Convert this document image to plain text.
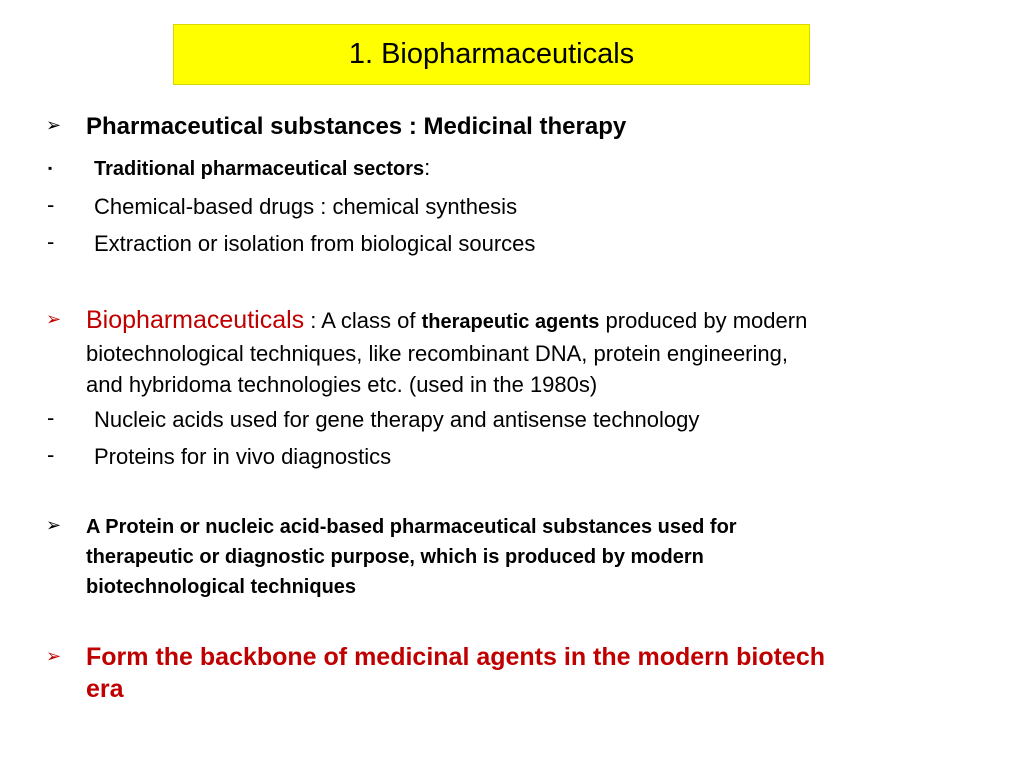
1. Biopharmaceuticals
➢ Pharmaceutical substances : Medicinal therapy
▪ Traditional pharmaceutical sectors:
- Chemical-based drugs : chemical synthesis
- Extraction or isolation from biological sources
➢ Biopharmaceuticals : A class of therapeutic agents produced by modern
biotechnological techniques, like recombinant DNA, protein engineering,
and hybridoma technologies etc. (used in the 1980s)
- Nucleic acids used for gene therapy and antisense technology
- Proteins for in vivo diagnostics
➢ A Protein or nucleic acid-based pharmaceutical substances used for
therapeutic or diagnostic purpose, which is produced by modern
biotechnological techniques
➢ Form the backbone of medicinal agents in the modern biotech
era
